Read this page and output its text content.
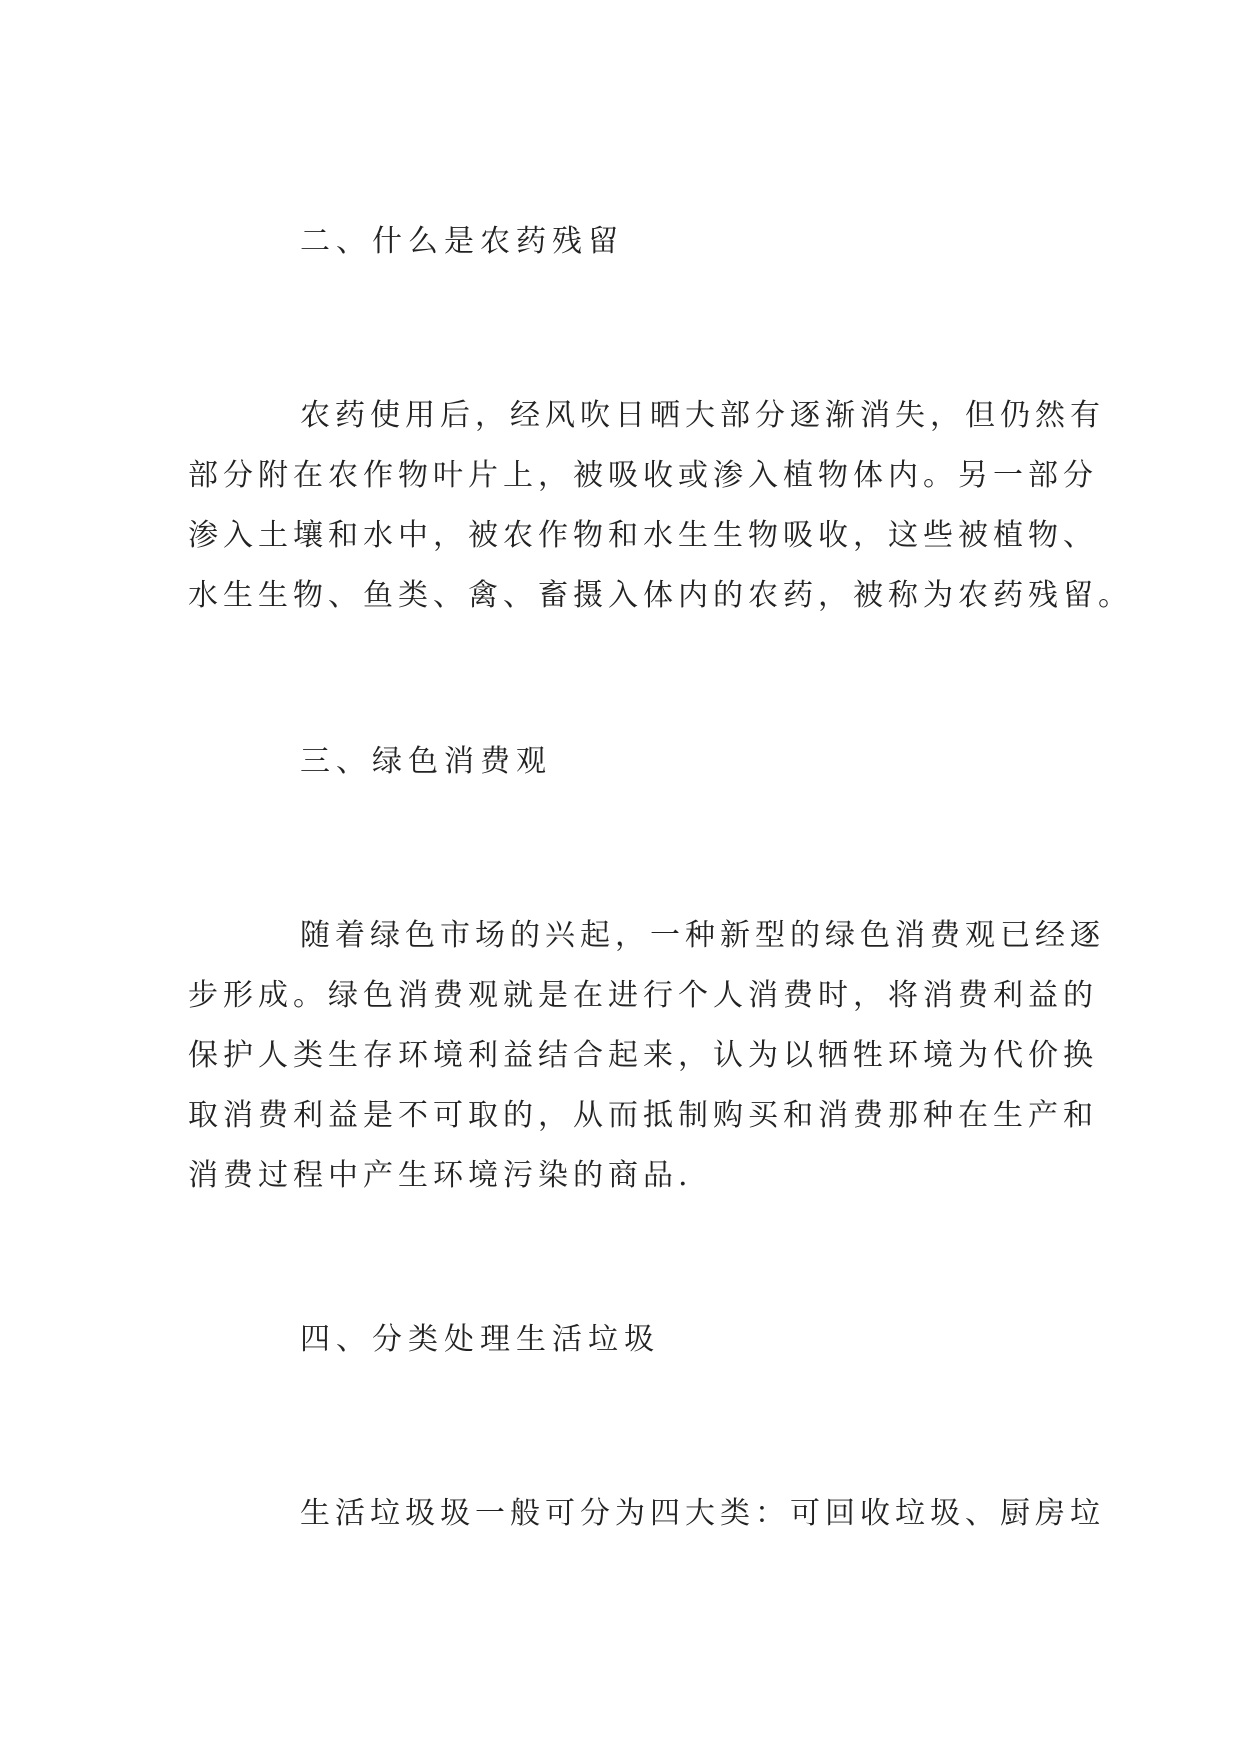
二、什么是农药残留
农药使用后，经风吹日晒大部分逐渐消失，但仍然有
部分附在农作物叶片上，被吸收或渗入植物体内。另一部分
渗入土壤和水中，被农作物和水生生物吸收，这些被植物、
水生生物、鱼类、禽、畜摄入体内的农药，被称为农药残留。
三、绿色消费观
随着绿色市场的兴起，一种新型的绿色消费观已经逐
步形成。绿色消费观就是在进行个人消费时，将消费利益的
保护人类生存环境利益结合起来，认为以牺牲环境为代价换
取消费利益是不可取的，从而抵制购买和消费那种在生产和
消费过程中产生环境污染的商品.
四、分类处理生活垃圾
生活垃圾圾一般可分为四大类：可回收垃圾、厨房垃
